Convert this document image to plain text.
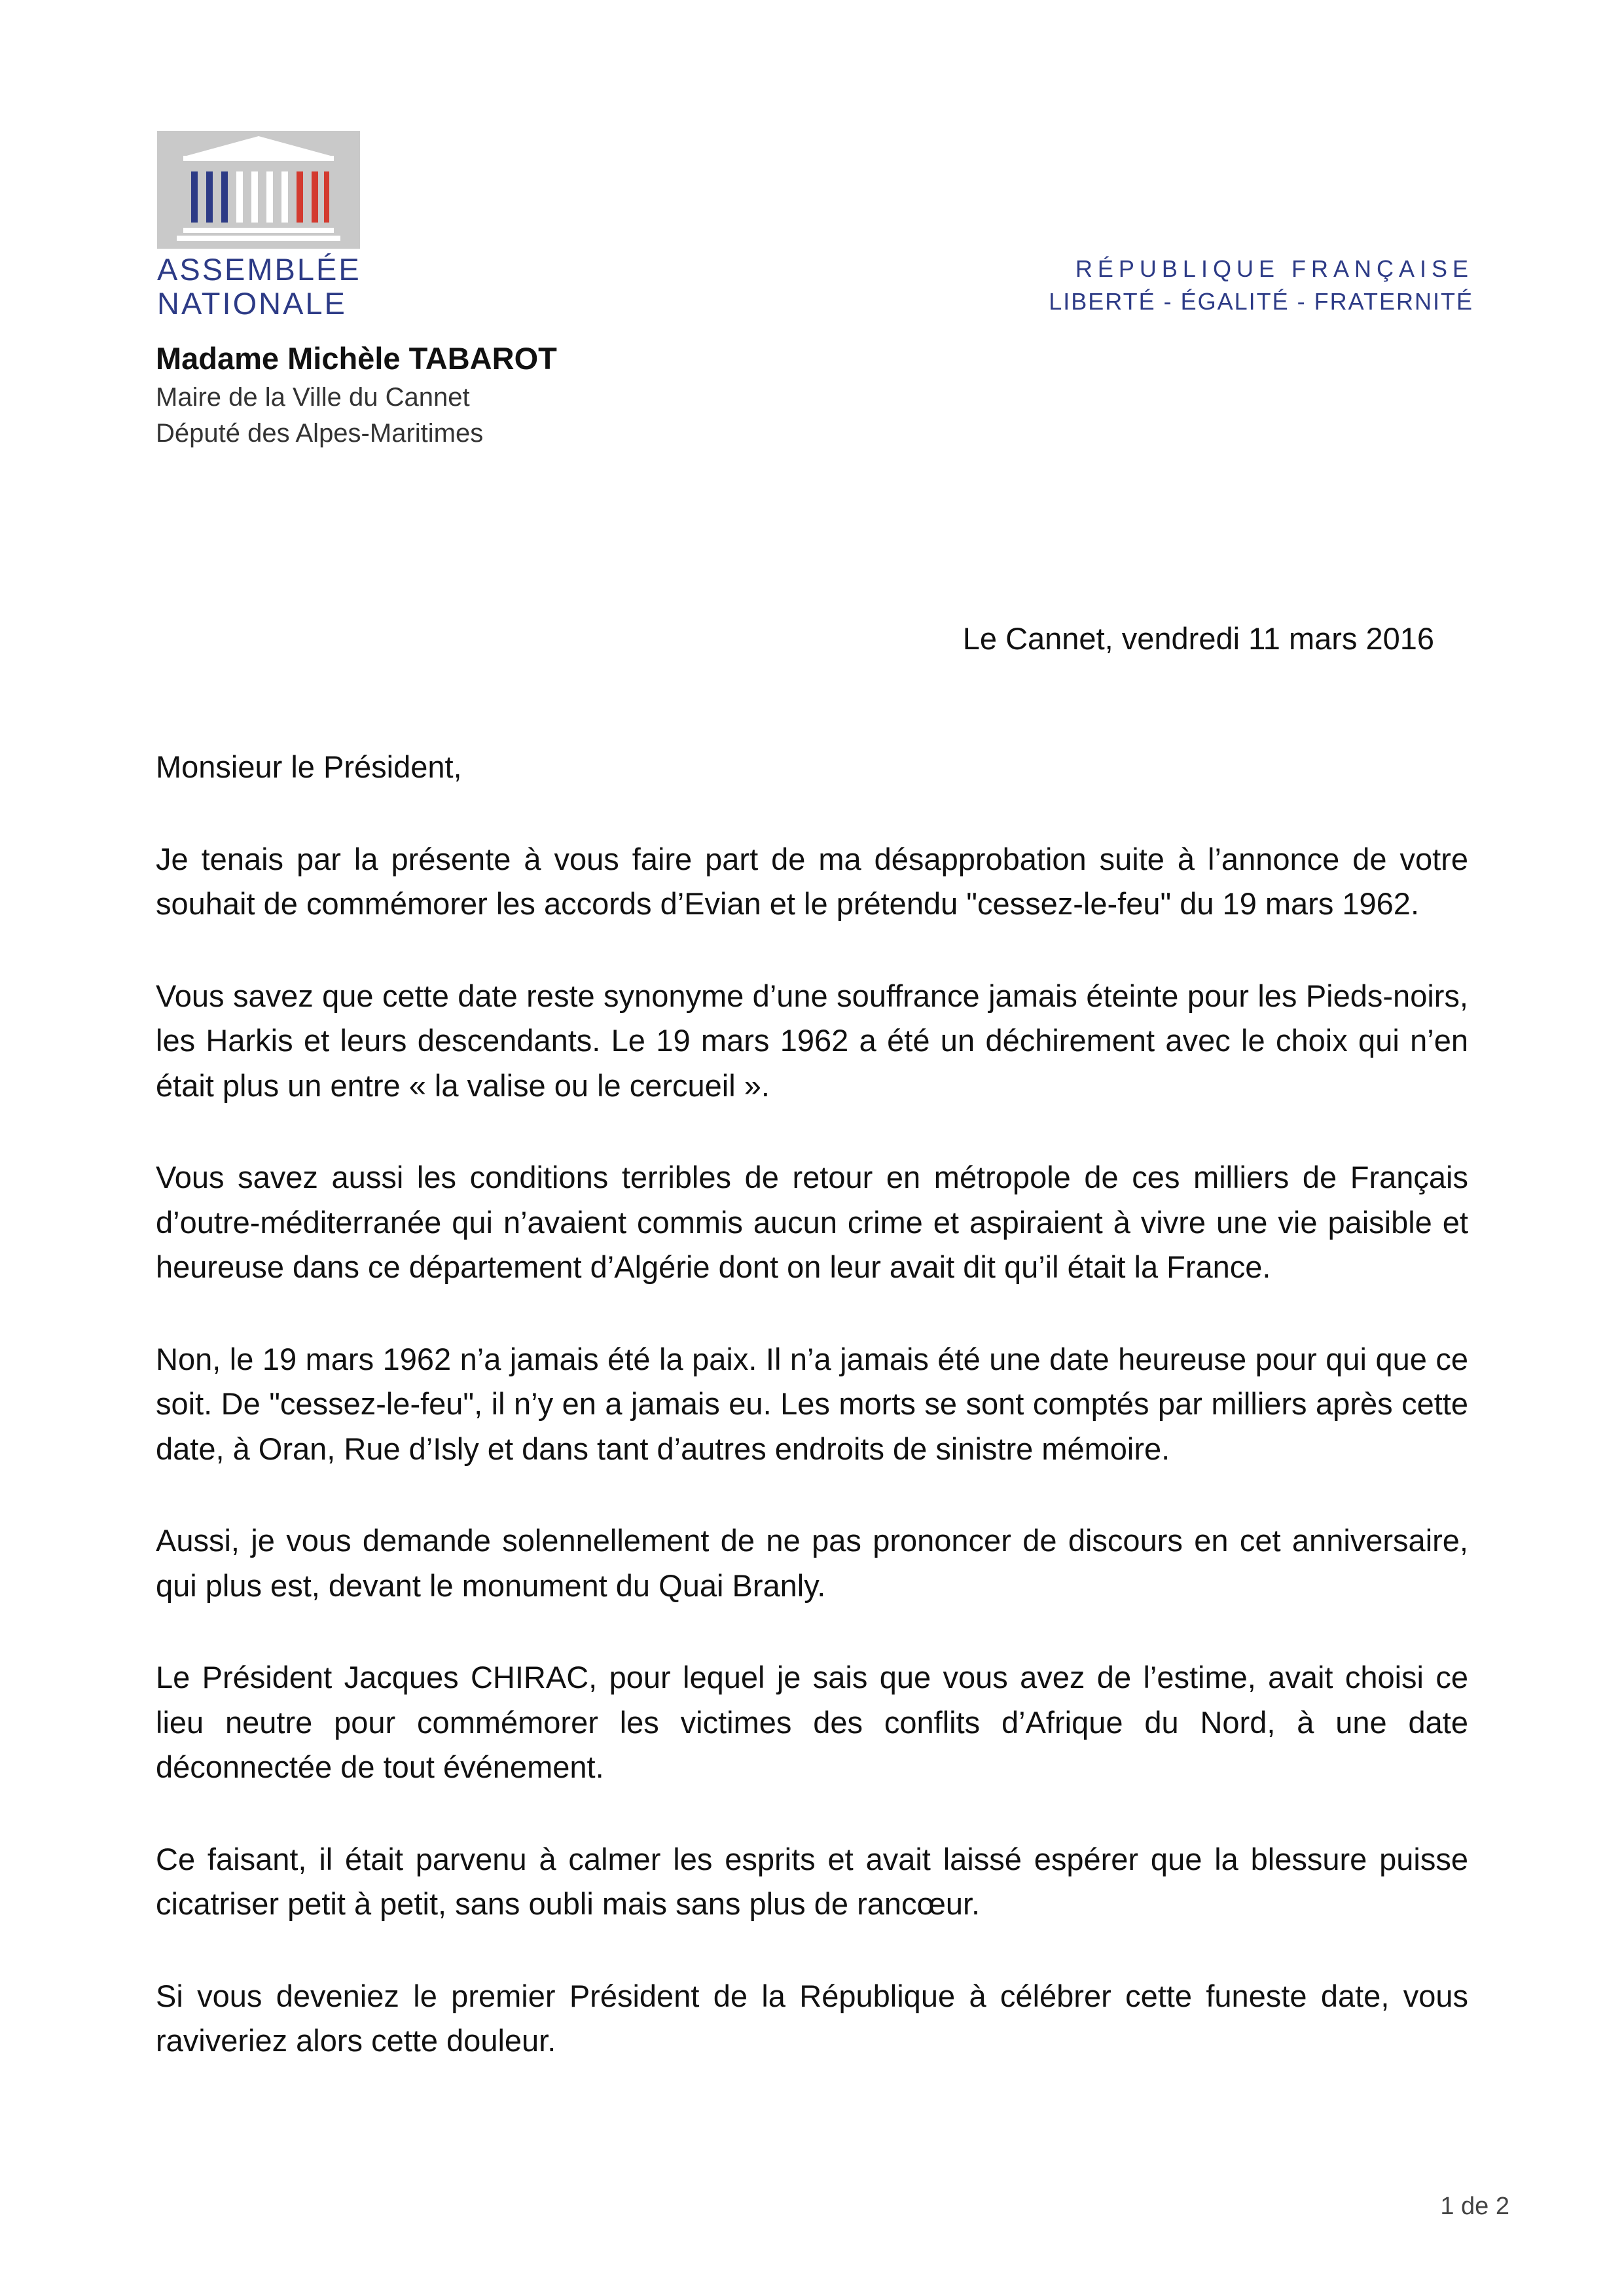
ASSEMBLÉE
NATIONALE
RÉPUBLIQUE FRANÇAISE
LIBERTÉ - ÉGALITÉ - FRATERNITÉ
Madame Michèle TABAROT
Maire de la Ville du Cannet
Député des Alpes-Maritimes
Le Cannet, vendredi 11 mars 2016

Monsieur le Président,

Je tenais par la présente à vous faire part de ma désapprobation suite à l’annonce de votre souhait de commémorer les accords d’Evian et le prétendu "cessez-le-feu" du 19 mars 1962.

Vous savez que cette date reste synonyme d’une souffrance jamais éteinte pour les Pieds-noirs, les Harkis et leurs descendants. Le 19 mars 1962 a été un déchirement avec le choix qui n’en était plus un entre « la valise ou le cercueil ».

Vous savez aussi les conditions terribles de retour en métropole de ces milliers de Français d’outre-méditerranée qui n’avaient commis aucun crime et aspiraient à vivre une vie paisible et heureuse dans ce département d’Algérie dont on leur avait dit qu’il était la France.

Non, le 19 mars 1962 n’a jamais été la paix. Il n’a jamais été une date heureuse pour qui que ce soit. De "cessez-le-feu", il n’y en a jamais eu. Les morts se sont comptés par milliers après cette date, à Oran, Rue d’Isly et dans tant d’autres endroits de sinistre mémoire.

Aussi, je vous demande solennellement de ne pas prononcer de discours en cet anniversaire, qui plus est, devant le monument du Quai Branly.

Le Président Jacques CHIRAC, pour lequel je sais que vous avez de l’estime, avait choisi ce lieu neutre pour commémorer les victimes des conflits d’Afrique du Nord, à une date déconnectée de tout événement.

Ce faisant, il était parvenu à calmer les esprits et avait laissé espérer que la blessure puisse cicatriser petit à petit, sans oubli mais sans plus de rancœur.

Si vous deveniez le premier Président de la République à célébrer cette funeste date, vous raviveriez alors cette douleur.

1 de 2
